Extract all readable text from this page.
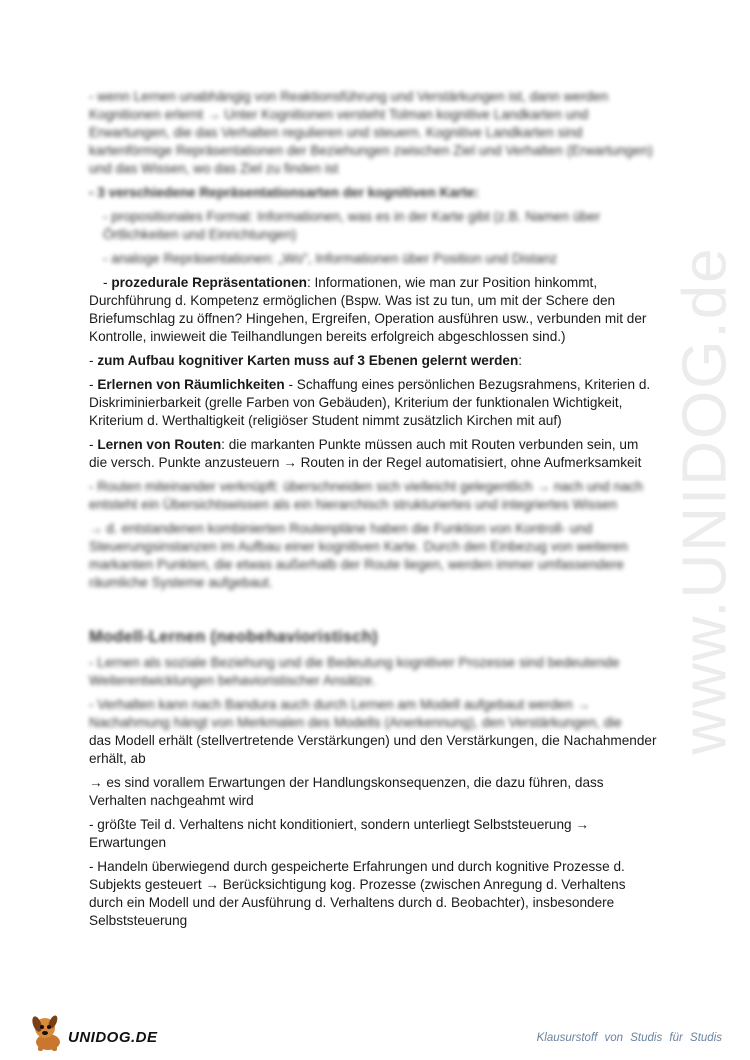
www.UNIDOG.de

- wenn Lernen unabhängig von Reaktionsführung und Verstärkungen ist, dann werden Kognitionen erlernt → Unter Kognitionen versteht Tolman kognitive Landkarten und Erwartungen, die das Verhalten regulieren und steuern. Kognitive Landkarten sind kartenförmige Repräsentationen der Beziehungen zwischen Ziel und Verhalten (Erwartungen) und das Wissen, wo das Ziel zu finden ist

- 3 verschiedene Repräsentationsarten der kognitiven Karte:

- propositionales Format: Informationen, was es in der Karte gibt (z.B. Namen über Örtlichkeiten und Einrichtungen)

- analoge Repräsentationen: „Wo", Informationen über Position und Distanz

- prozedurale Repräsentationen: Informationen, wie man zur Position hinkommt, Durchführung d. Kompetenz ermöglichen (Bspw. Was ist zu tun, um mit der Schere den Briefumschlag zu öffnen? Hingehen, Ergreifen, Operation ausführen usw., verbunden mit der Kontrolle, inwieweit die Teilhandlungen bereits erfolgreich abgeschlossen sind.)

- zum Aufbau kognitiver Karten muss auf 3 Ebenen gelernt werden:

- Erlernen von Räumlichkeiten - Schaffung eines persönlichen Bezugsrahmens, Kriterien d. Diskriminierbarkeit (grelle Farben von Gebäuden), Kriterium der funktionalen Wichtigkeit, Kriterium d. Werthaltigkeit (religiöser Student nimmt zusätzlich Kirchen mit auf)

- Lernen von Routen: die markanten Punkte müssen auch mit Routen verbunden sein, um die versch. Punkte anzusteuern → Routen in der Regel automatisiert, ohne Aufmerksamkeit

- Routen miteinander verknüpft: überschneiden sich vielleicht gelegentlich → nach und nach entsteht ein Übersichtswissen als ein hierarchisch strukturiertes und integriertes Wissen

→ d. entstandenen kombinierten Routenpläne haben die Funktion von Kontroll- und Steuerungsinstanzen im Aufbau einer kognitiven Karte. Durch den Einbezug von weiteren markanten Punkten, die etwas außerhalb der Route liegen, werden immer umfassendere räumliche Systeme aufgebaut.

Modell-Lernen (neobehavioristisch)

- Lernen als soziale Beziehung und die Bedeutung kognitiver Prozesse sind bedeutende Weiterentwicklungen behavioristischer Ansätze.

- Verhalten kann nach Bandura auch durch Lernen am Modell aufgebaut werden → Nachahmung hängt von Merkmalen des Modells (Anerkennung), den Verstärkungen, die

das Modell erhält (stellvertretende Verstärkungen) und den Verstärkungen, die Nachahmender erhält, ab

→ es sind vorallem Erwartungen der Handlungskonsequenzen, die dazu führen, dass Verhalten nachgeahmt wird

- größte Teil d. Verhaltens nicht konditioniert, sondern unterliegt Selbststeuerung → Erwartungen

- Handeln überwiegend durch gespeicherte Erfahrungen und durch kognitive Prozesse d. Subjekts gesteuert → Berücksichtigung kog. Prozesse (zwischen Anregung d. Verhaltens durch ein Modell und der Ausführung d. Verhaltens durch d. Beobachter), insbesondere Selbststeuerung

UNIDOG.DE	Klausurstoff von Studis für Studis
